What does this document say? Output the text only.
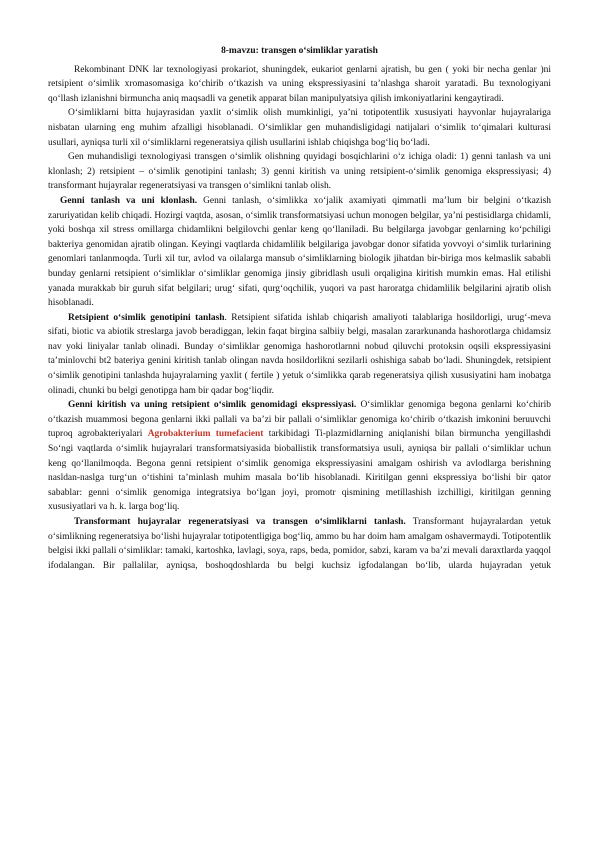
8-mavzu: transgen o‘simliklar yaratish

Rekombinant DNK lar texnologiyasi prokariot, shuningdek, eukariot genlarni ajratish, bu gen ( yoki bir necha genlar )ni retsipient o‘simlik xromasomasiga ko‘chirib o‘tkazish va uning ekspressiyasini ta’nlashga sharoit yaratadi. Bu texnologiyani qo‘llash izlanishni birmuncha aniq maqsadli va genetik apparat bilan manipulyatsiya qilish imkoniyatlarini kengaytiradi.

O‘simliklarni bitta hujayrasidan yaxlit o‘simlik olish mumkinligi, ya’ni totipotentlik xususiyati hayvonlar hujayralariga nisbatan ularning eng muhim afzalligi hisoblanadi. O‘simliklar gen muhandisligidagi natijalari o‘simlik to‘qimalari kulturasi usullari, ayniqsa turli xil o‘simliklarni regeneratsiya qilish usullarini ishlab chiqishga bog‘liq bo‘ladi.

Gen muhandisligi texnologiyasi transgen o‘simlik olishning quyidagi bosqichlarini o‘z ichiga oladi: 1) genni tanlash va uni klonlash; 2) retsipient – o‘simlik genotipini tanlash; 3) genni kiritish va uning retsipient-o‘simlik genomiga ekspressiyasi; 4) transformant hujayralar regeneratsiyasi va transgen o‘simlikni tanlab olish.

Genni tanlash va uni klonlash. Genni tanlash, o‘simlikka xo‘jalik axamiyati qimmatli ma’lum bir belgini o‘tkazish zaruriyatidan kelib chiqadi. Hozirgi vaqtda, asosan, o‘simlik transformatsiyasi uchun monogen belgilar, ya’ni pestisidlarga chidamli, yoki boshqa xil stress omillarga chidamlikni belgilovchi genlar keng qo‘llaniladi. Bu belgilarga javobgar genlarning ko‘pchiligi bakteriya genomidan ajratib olingan. Keyingi vaqtlarda chidamlilik belgilariga javobgar donor sifatida yovvoyi o‘simlik turlarining genomlari tanlanmoqda. Turli xil tur, avlod va oilalarga mansub o‘simliklarning biologik jihatdan bir-biriga mos kelmaslik sababli bunday genlarni retsipient o‘simliklar o‘simliklar genomiga jinsiy gibridlash usuli orqaligina kiritish mumkin emas. Hal etilishi yanada murakkab bir guruh sifat belgilari; urug‘ sifati, qurg‘oqchilik, yuqori va past haroratga chidamlilik belgilarini ajratib olish hisoblanadi.

Retsipient o‘simlik genotipini tanlash. Retsipient sifatida ishlab chiqarish amaliyoti talablariga hosildorligi, urug‘-meva sifati, biotic va abiotik streslarga javob beradiggan, lekin faqat birgina salbiiy belgi, masalan zararkunanda hashorotlarga chidamsiz nav yoki liniyalar tanlab olinadi. Bunday o‘simliklar genomiga hashorotlarnni nobud qiluvchi protoksin oqsili ekspressiyasini ta’minlovchi bt2 bateriya genini kiritish tanlab olingan navda hosildorlikni sezilarli oshishiga sabab bo‘ladi. Shuningdek, retsipient o‘simlik genotipini tanlashda hujayralarning yaxlit ( fertile ) yetuk o‘simlikka qarab regeneratsiya qilish xususiyatini ham inobatga olinadi, chunki bu belgi genotipga ham bir qadar bog‘liqdir.

Genni kiritish va uning retsipient o‘simlik genomidagi ekspressiyasi. O‘simliklar genomiga begona genlarni ko‘chirib o‘tkazish muammosi begona genlarni ikki pallali va ba’zi bir pallali o‘simliklar genomiga ko‘chirib o‘tkazish imkonini beruuvchi tuproq agrobakteriyalari Agrobakterium tumefacient tarkibidagi Ti-plazmidlarning aniqlanishi bilan birmuncha yengillashdi So‘ngi vaqtlarda o‘simlik hujayralari transformatsiyasida bioballistik transformatsiya usuli, ayniqsa bir pallali o‘simliklar uchun keng qo‘llanilmoqda. Begona genni retsipient o‘simlik genomiga ekspressiyasini amalgam oshirish va avlodlarga berishning nasldan-naslga turg‘un o‘tishini ta’minlash muhim masala bo‘lib hisoblanadi. Kiritilgan genni ekspressiya bo‘lishi bir qator sabablar: genni o‘simlik genomiga integratsiya bo‘lgan joyi, promotr qismining metillashish izchilligi, kiritilgan genning xususiyatlari va h. k. larga bog‘liq.

Transformant hujayralar regeneratsiyasi va transgen o‘simliklarni tanlash. Transformant hujayralardan yetuk o‘simlikning regeneratsiya bo‘lishi hujayralar totipotentligiga bog‘liq, ammo bu har doim ham amalgam oshavermaydi. Totipotentlik belgisi ikki pallali o‘simliklar: tamaki, kartoshka, lavlagi, soya, raps, beda, pomidor, sabzi, karam va ba’zi mevali daraxtlarda yaqqol ifodalangan. Bir pallalilar, ayniqsa, boshoqdoshlarda bu belgi kuchsiz igfodalangan bo‘lib, ularda hujayradan yetuk
